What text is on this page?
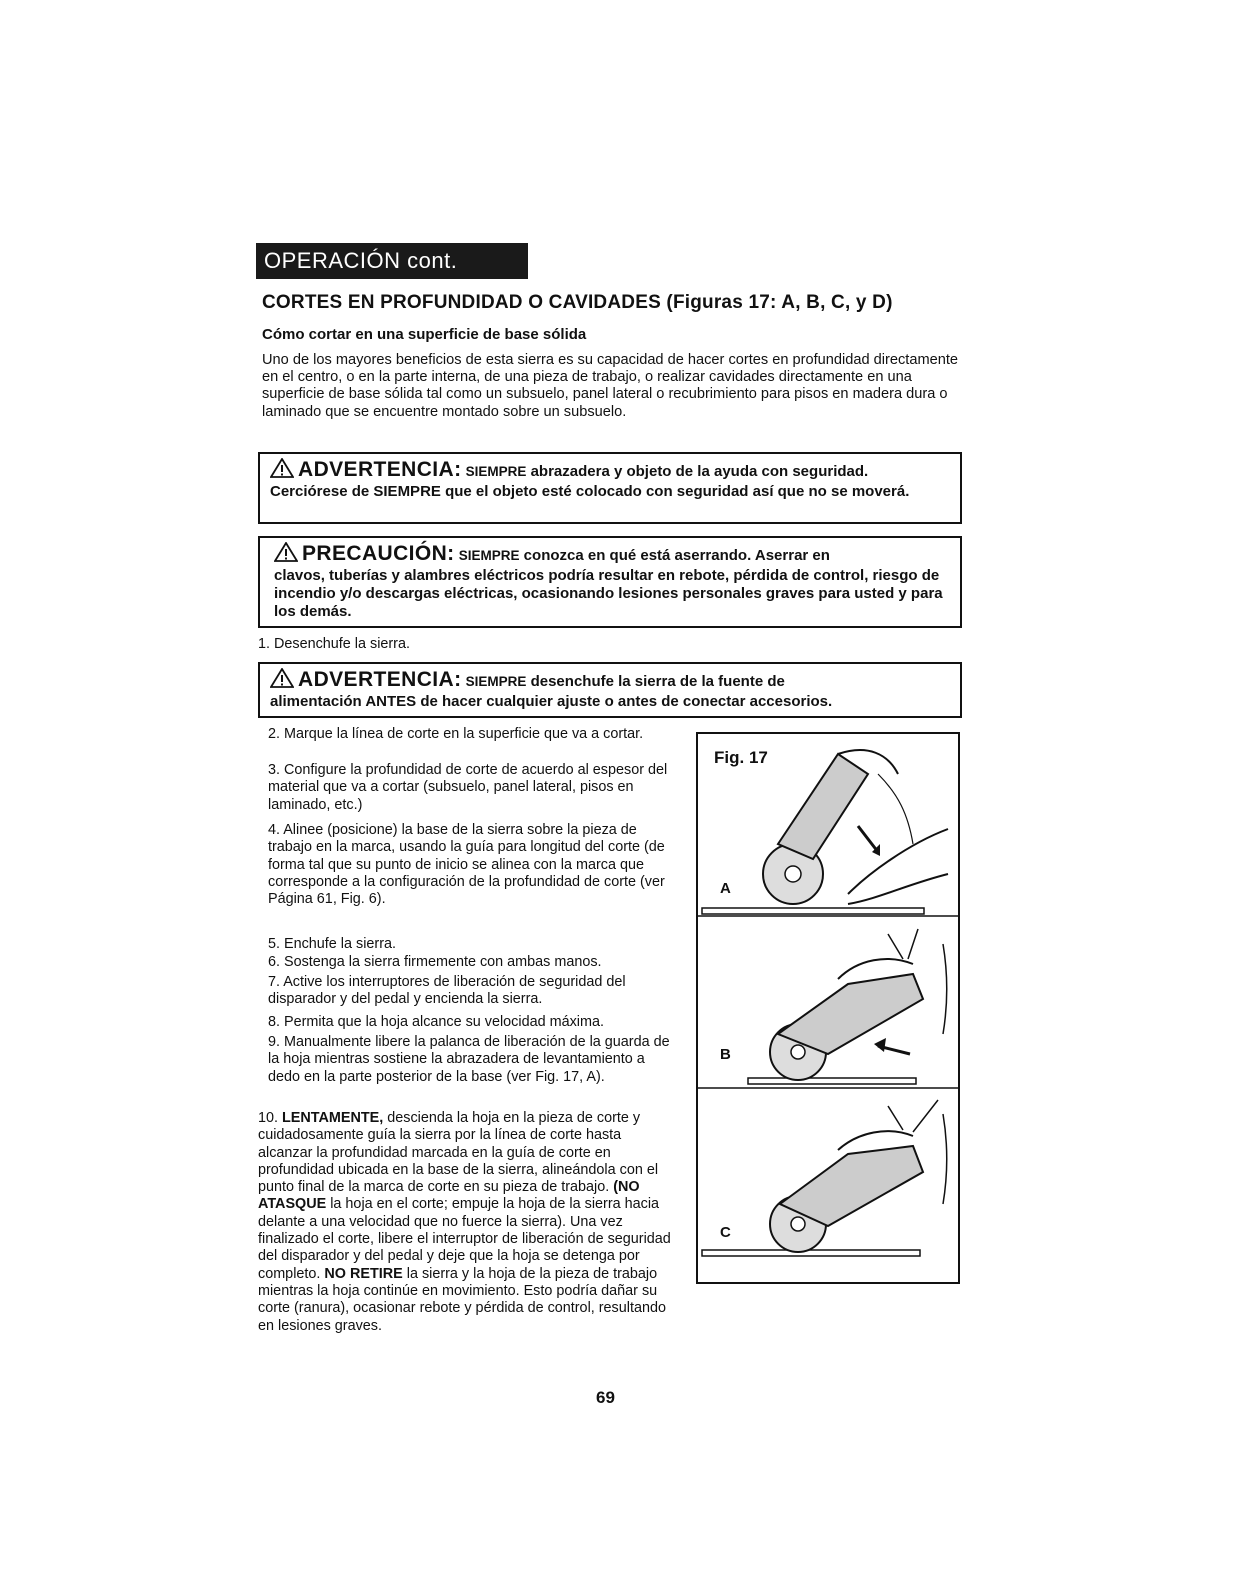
OPERACIÓN cont.
CORTES EN PROFUNDIDAD O CAVIDADES (Figuras 17: A, B, C, y D)
Cómo cortar en una superficie de base sólida

Uno de los mayores beneficios de esta sierra es su capacidad de hacer cortes en profundidad directamente en el centro, o en la parte interna, de una pieza de trabajo, o realizar cavidades directamente en una superficie de base sólida tal como un subsuelo, panel lateral o recubrimiento para pisos en madera dura o laminado que se encuentre montado sobre un subsuelo.

ADVERTENCIA: SIEMPRE abrazadera y objeto de la ayuda con seguridad.
Cerciórese de SIEMPRE que el objeto esté colocado con seguridad así que no se moverá.
PRECAUCIÓN: SIEMPRE conozca en qué está aserrando. Aserrar en
clavos, tuberías y alambres eléctricos podría resultar en rebote, pérdida de control, riesgo de incendio y/o descargas eléctricas, ocasionando lesiones personales graves para usted y para los demás.

1. Desenchufe la sierra.

ADVERTENCIA: SIEMPRE desenchufe la sierra de la fuente de
alimentación ANTES de hacer cualquier ajuste o antes de conectar accesorios.

2. Marque la línea de corte en la superficie que va a cortar.

3. Configure la profundidad de corte de acuerdo al espesor del material que va a cortar (subsuelo, panel lateral, pisos en laminado, etc.)

4. Alinee (posicione) la base de la sierra sobre la pieza de trabajo en la marca, usando la guía para longitud del corte (de forma tal que su punto de inicio se alinea con la marca que corresponde a la configuración de la profundidad de corte (ver Página 61, Fig. 6).

5. Enchufe la sierra.

6. Sostenga la sierra firmemente con ambas manos.

7. Active los interruptores de liberación de seguridad del disparador y del pedal y encienda la sierra.

8. Permita que la hoja alcance su velocidad máxima.

9. Manualmente libere la palanca de liberación de la guarda de la hoja mientras sostiene la abrazadera de levantamiento a dedo en la parte posterior de la base (ver Fig. 17, A).

10. LENTAMENTE, descienda la hoja en la pieza de corte y cuidadosamente guía la sierra por la línea de corte hasta alcanzar la profundidad marcada en la guía de corte en profundidad ubicada en la base de la sierra, alineándola con el punto final de la marca de corte en su pieza de trabajo. (NO ATASQUE la hoja en el corte; empuje la hoja de la sierra hacia delante a una velocidad que no fuerce la sierra). Una vez finalizado el corte, libere el interruptor de liberación de seguridad del disparador y del pedal y deje que la hoja se detenga por completo. NO RETIRE la sierra y la hoja de la pieza de trabajo mientras la hoja continúe en movimiento. Esto podría dañar su corte (ranura), ocasionar rebote y pérdida de control, resultando en lesiones graves.

Fig. 17
A
B
C
69
